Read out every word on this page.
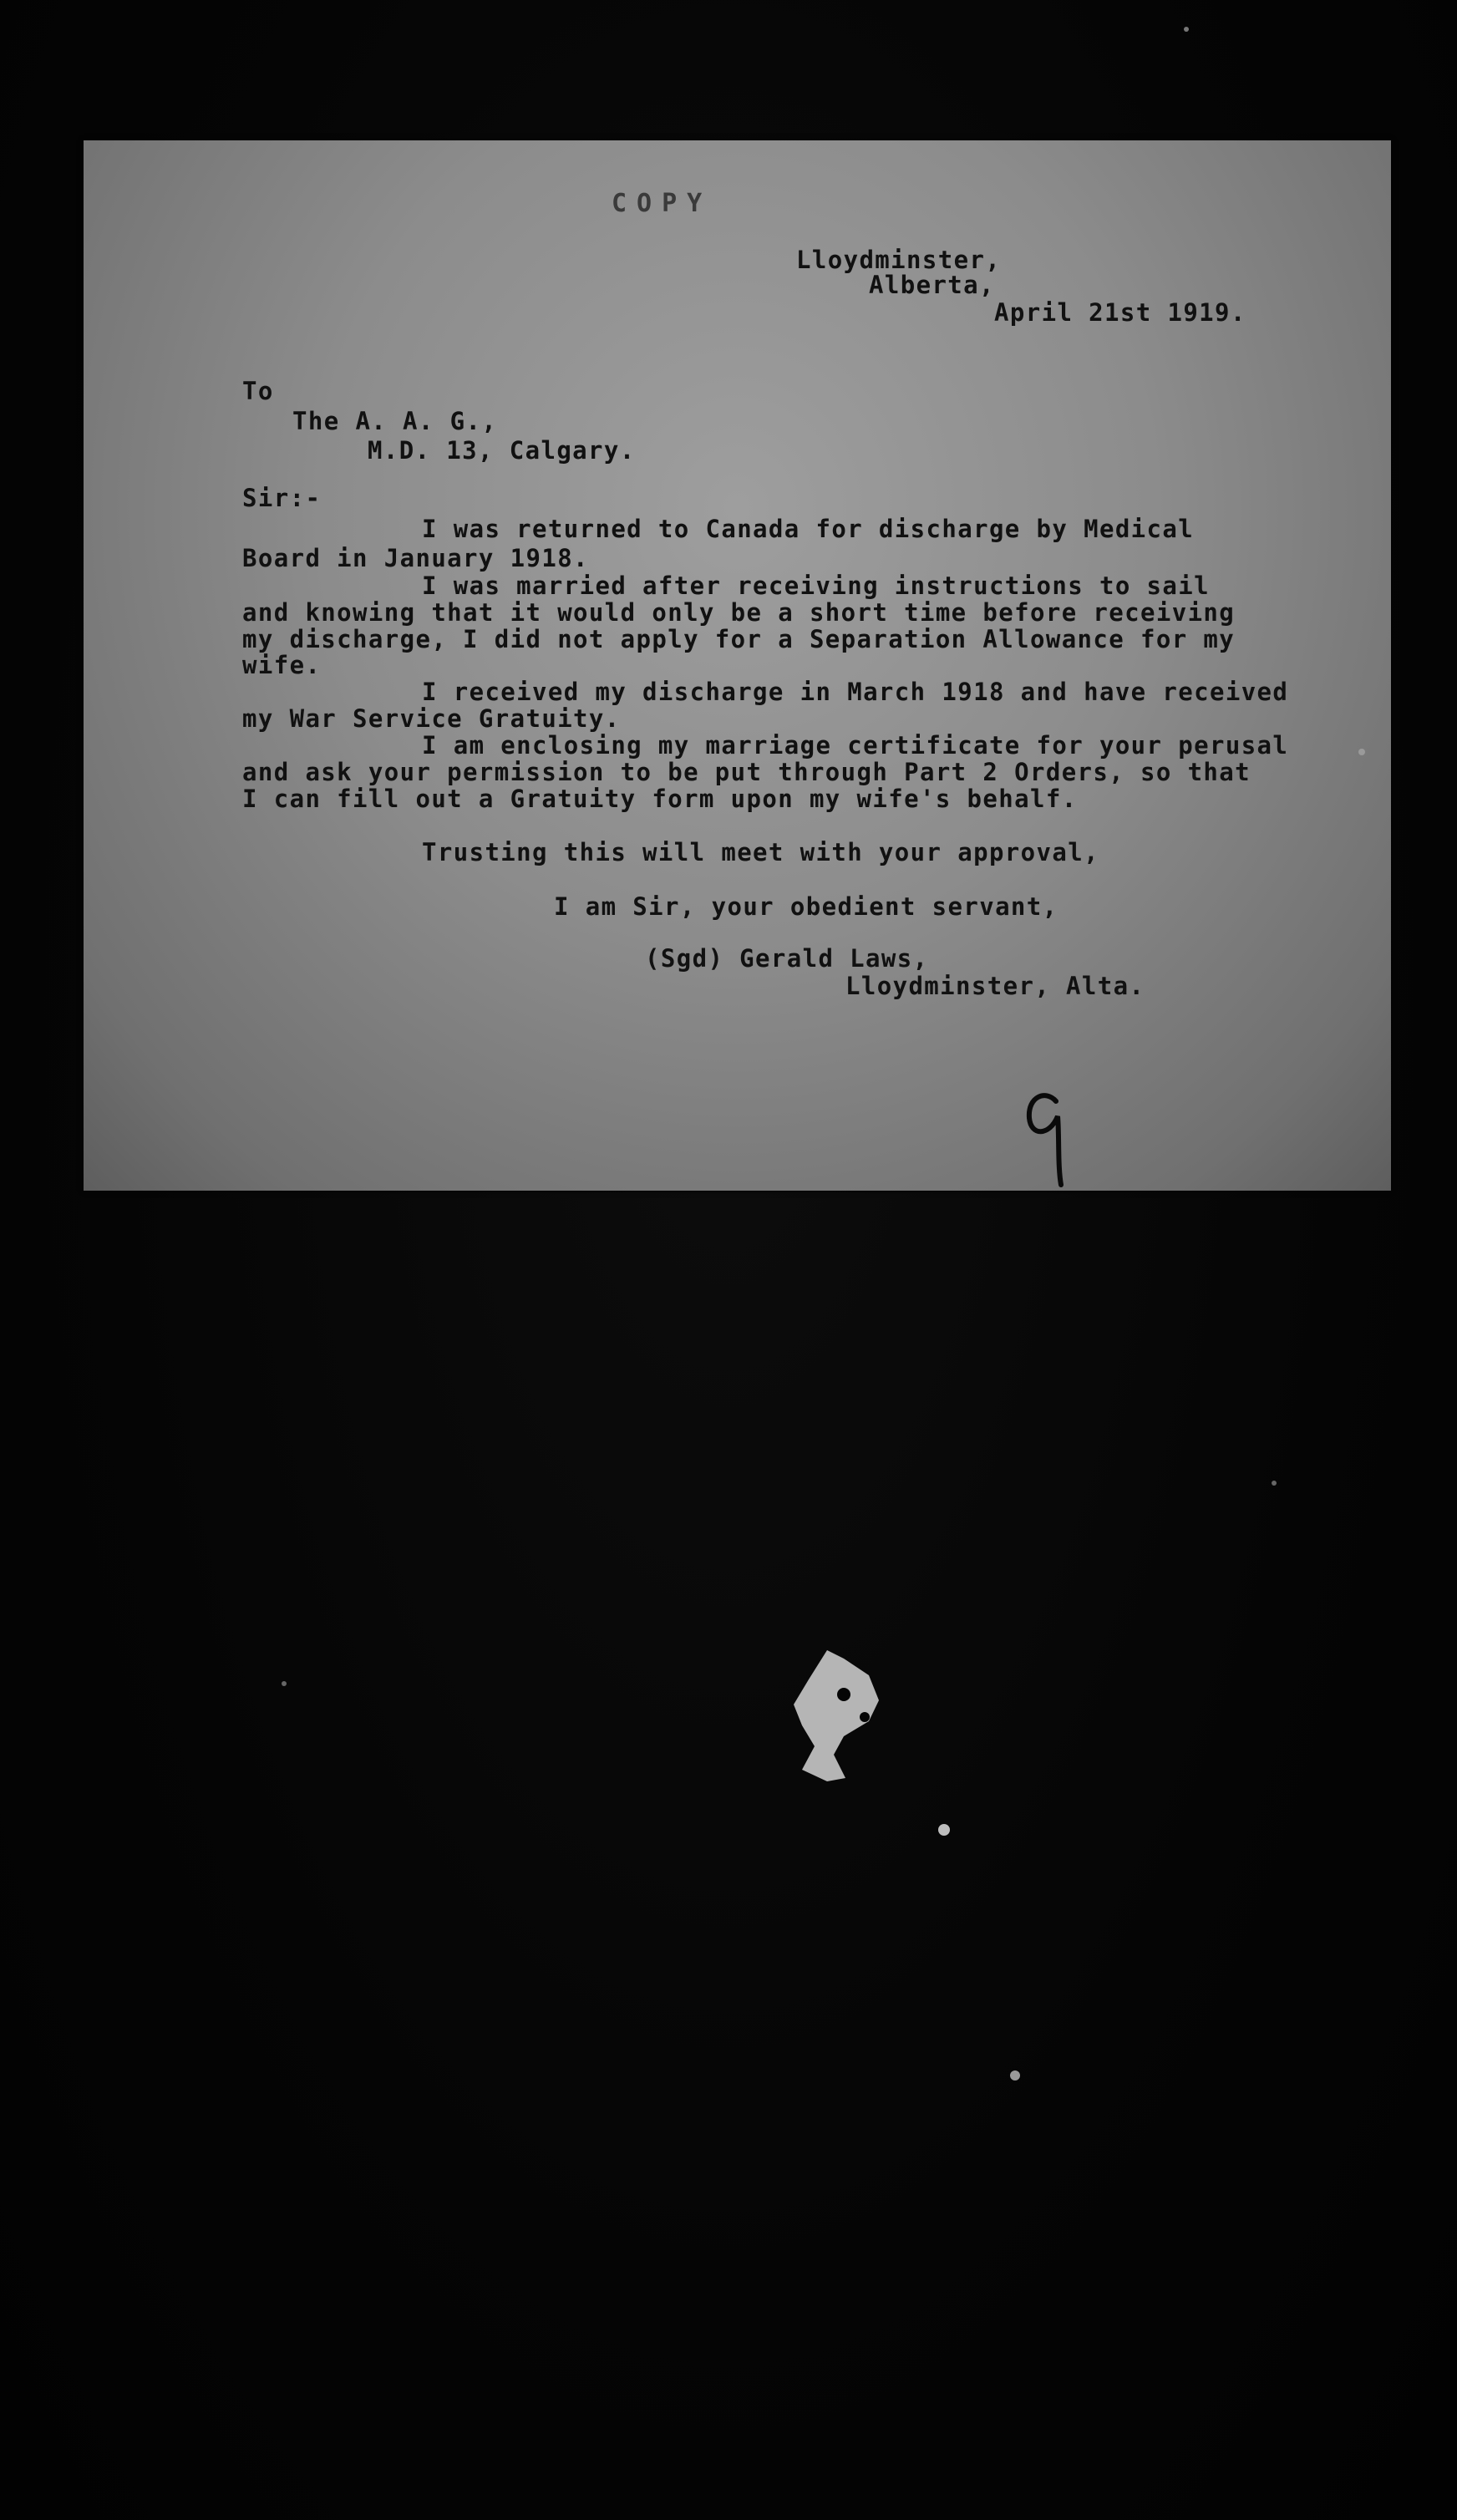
COPY
Lloydminster,
Alberta,
April 21st 1919.
To
The A. A. G.,
M.D. 13, Calgary.
Sir:-
I was returned to Canada for discharge by Medical
Board in January 1918.
I was married after receiving instructions to sail
and knowing that it would only be a short time before receiving
my discharge, I did not apply for a Separation Allowance for my
wife.
I received my discharge in March 1918 and have received
my War Service Gratuity.
I am enclosing my marriage certificate for your perusal
and ask your permission to be put through Part 2 Orders, so that
I can fill out a Gratuity form upon my wife's behalf.
Trusting this will meet with your approval,
I am Sir, your obedient servant,
(Sgd) Gerald Laws,
Lloydminster, Alta.
